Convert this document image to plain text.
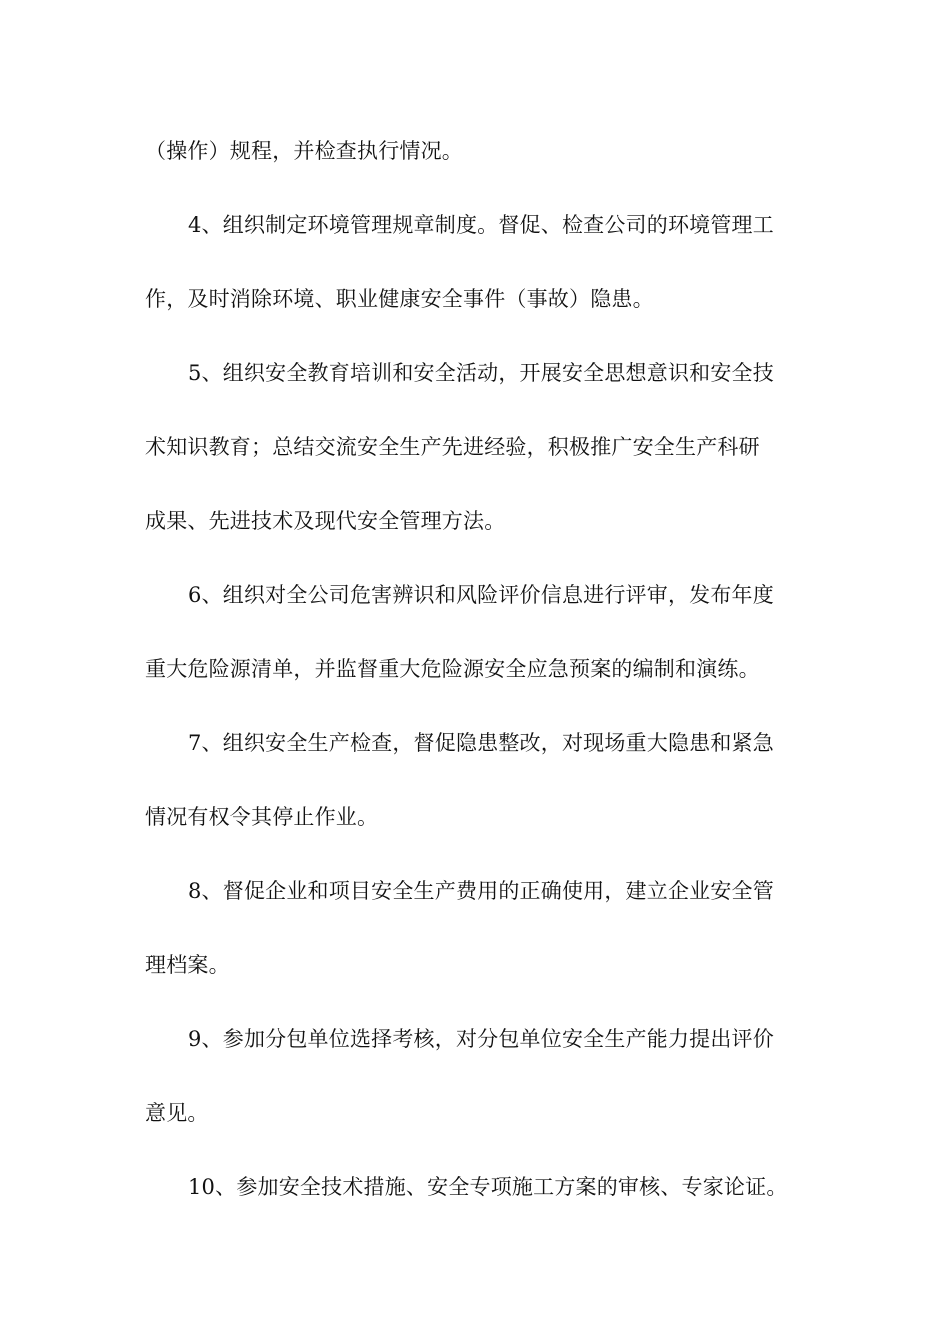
（操作）规程，并检查执行情况。
4、组织制定环境管理规章制度。督促、检查公司的环境管理工
作，及时消除环境、职业健康安全事件（事故）隐患。
5、组织安全教育培训和安全活动，开展安全思想意识和安全技
术知识教育；总结交流安全生产先进经验，积极推广安全生产科研
成果、先进技术及现代安全管理方法。
6、组织对全公司危害辨识和风险评价信息进行评审，发布年度
重大危险源清单，并监督重大危险源安全应急预案的编制和演练。
7、组织安全生产检查，督促隐患整改，对现场重大隐患和紧急
情况有权令其停止作业。
8、督促企业和项目安全生产费用的正确使用，建立企业安全管
理档案。
9、参加分包单位选择考核，对分包单位安全生产能力提出评价
意见。
10、参加安全技术措施、安全专项施工方案的审核、专家论证。
